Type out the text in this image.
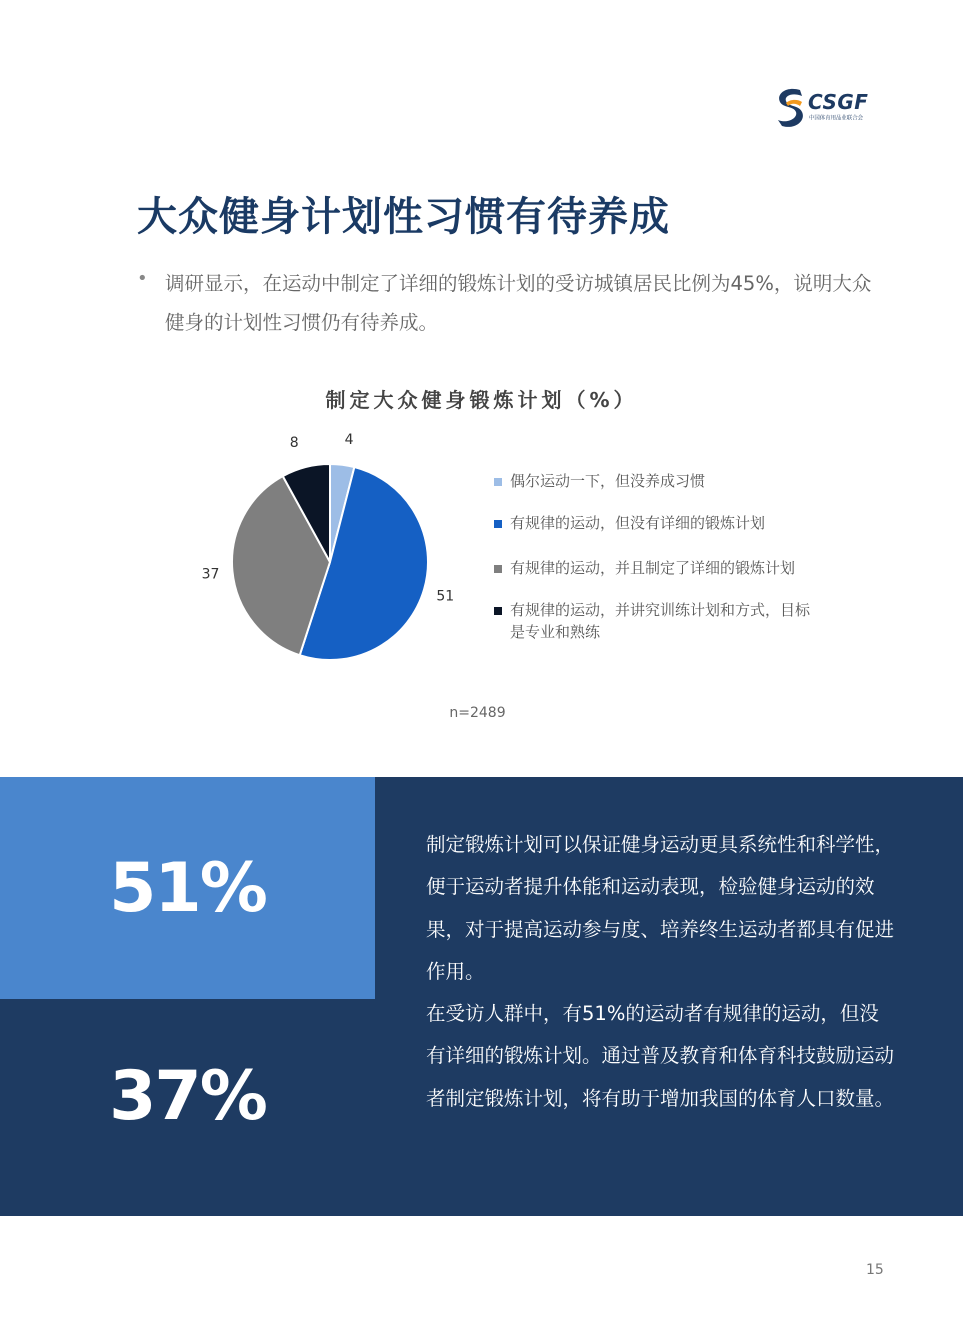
CSGF
中国体育用品业联合会
大众健身计划性习惯有待养成
• 调研显示，在运动中制定了详细的锻炼计划的受访城镇居民比例为45%，说明大众健身的计划性习惯仍有待养成。
制定大众健身锻炼计划（%）
4
51
37
8
偶尔运动一下，但没养成习惯
有规律的运动，但没有详细的锻炼计划
有规律的运动，并且制定了详细的锻炼计划
有规律的运动，并讲究训练计划和方式，目标是专业和熟练
n=2489
51%
37%

制定锻炼计划可以保证健身运动更具系统性和科学性，便于运动者提升体能和运动表现，检验健身运动的效果，对于提高运动参与度、培养终生运动者都具有促进作用。

在受访人群中，有51%的运动者有规律的运动，但没有详细的锻炼计划。通过普及教育和体育科技鼓励运动者制定锻炼计划，将有助于增加我国的体育人口数量。

15
